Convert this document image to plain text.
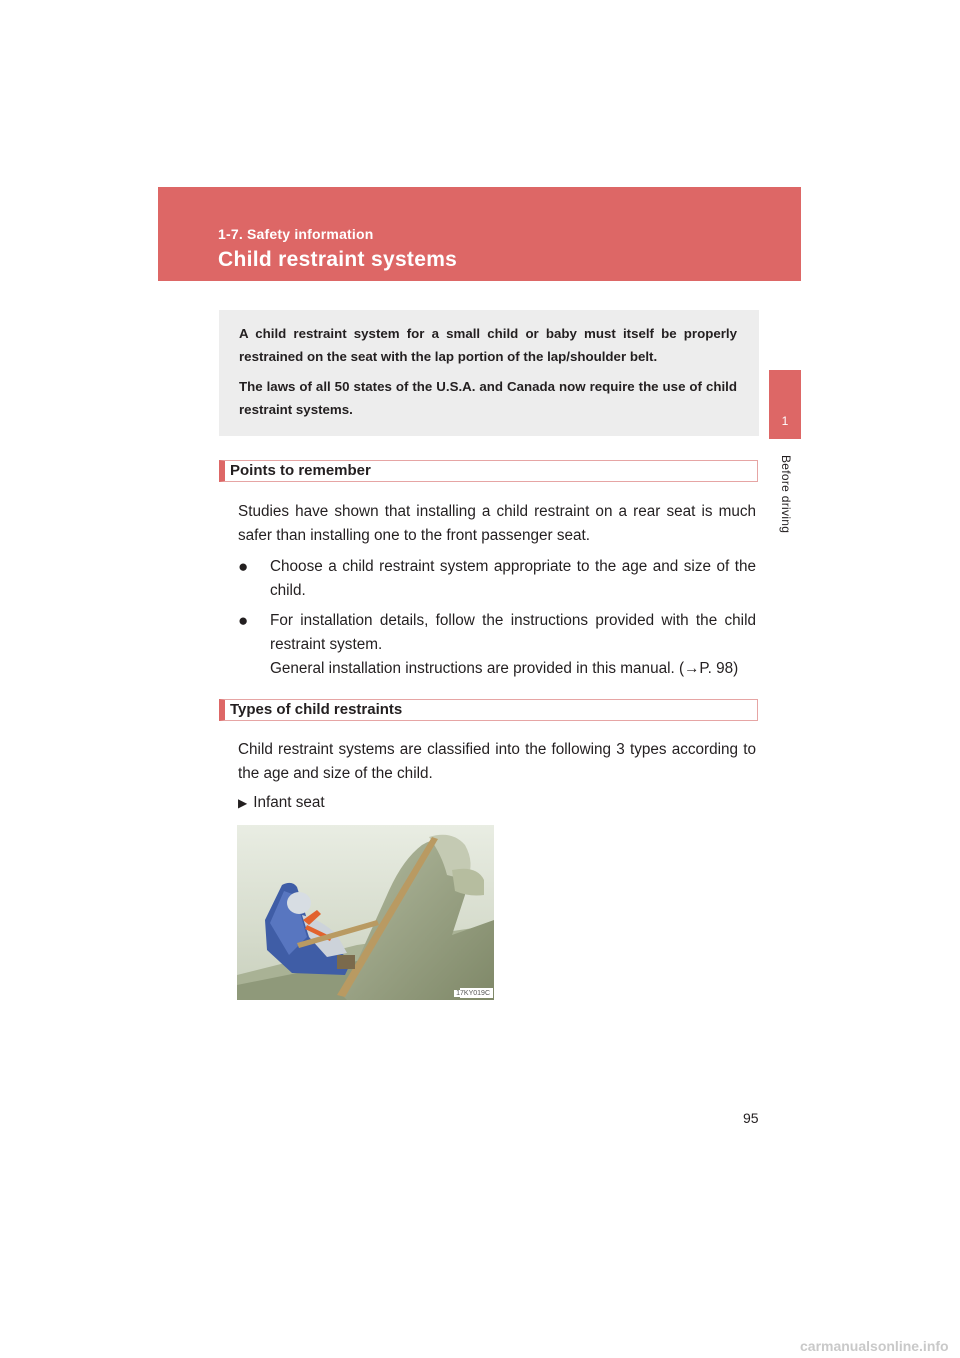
1-7. Safety information
Child restraint systems
1
Before driving

A child restraint system for a small child or baby must itself be properly restrained on the seat with the lap portion of the lap/shoulder belt.

The laws of all 50 states of the U.S.A. and Canada now require the use of child restraint systems.

Points to remember
Studies have shown that installing a child restraint on a rear seat is much safer than installing one to the front passenger seat.
● Choose a child restraint system appropriate to the age and size of the child.
● For installation details, follow the instructions provided with the child restraint system.
General installation instructions are provided in this manual. (→P. 98)
Types of child restraints
Child restraint systems are classified into the following 3 types according to the age and size of the child.
▶ Infant seat
17KY019C
95
carmanualsonline.info
